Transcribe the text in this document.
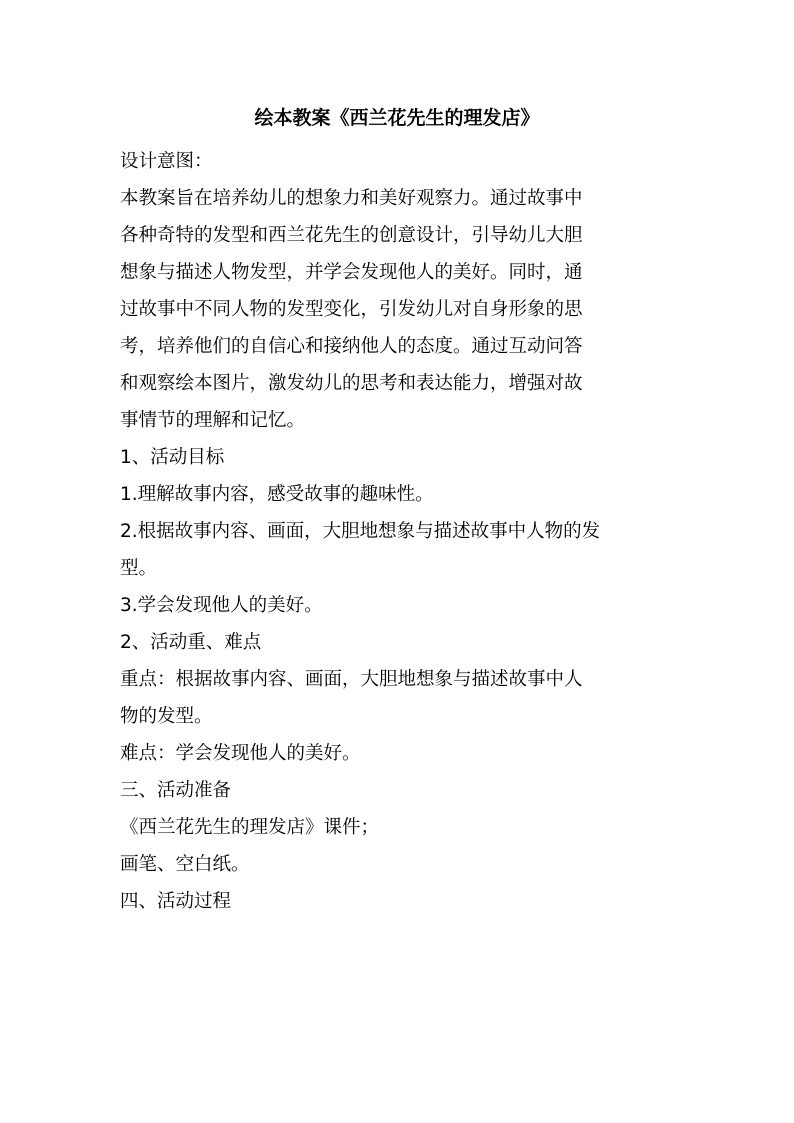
绘本教案《西兰花先生的理发店》
设计意图：
本教案旨在培养幼儿的想象力和美好观察力。通过故事中
各种奇特的发型和西兰花先生的创意设计，引导幼儿大胆
想象与描述人物发型，并学会发现他人的美好。同时，通
过故事中不同人物的发型变化，引发幼儿对自身形象的思
考，培养他们的自信心和接纳他人的态度。通过互动问答
和观察绘本图片，激发幼儿的思考和表达能力，增强对故
事情节的理解和记忆。
1、活动目标
1.理解故事内容，感受故事的趣味性。
2.根据故事内容、画面，大胆地想象与描述故事中人物的发
型。
3.学会发现他人的美好。
2、活动重、难点
重点：根据故事内容、画面，大胆地想象与描述故事中人
物的发型。
难点：学会发现他人的美好。
三、活动准备
《西兰花先生的理发店》课件；
画笔、空白纸。
四、活动过程
